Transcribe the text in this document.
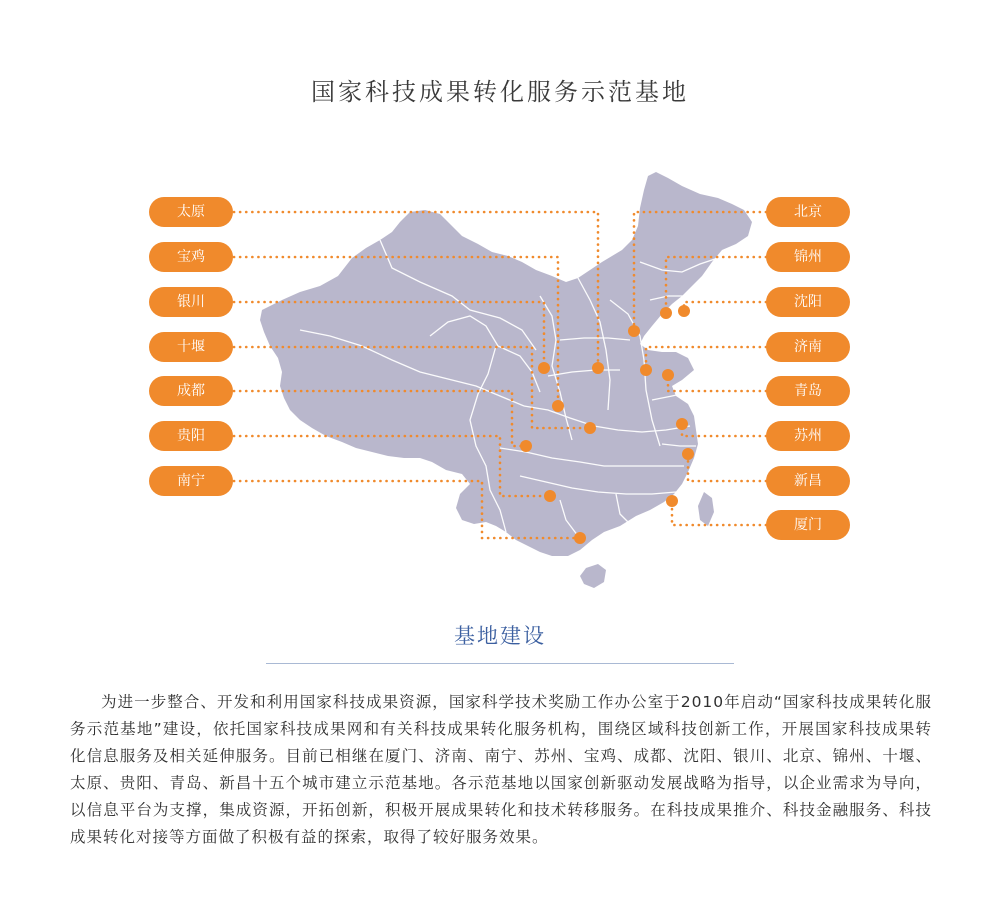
国家科技成果转化服务示范基地
太原
宝鸡
银川
十堰
成都
贵阳
南宁
北京
锦州
沈阳
济南
青岛
苏州
新昌
厦门
基地建设

为进一步整合、开发和利用国家科技成果资源，国家科学技术奖励工作办公室于2010年启动“国家科技成果转化服务示范基地”建设，依托国家科技成果网和有关科技成果转化服务机构，围绕区域科技创新工作，开展国家科技成果转化信息服务及相关延伸服务。目前已相继在厦门、济南、南宁、苏州、宝鸡、成都、沈阳、银川、北京、锦州、十堰、太原、贵阳、青岛、新昌十五个城市建立示范基地。各示范基地以国家创新驱动发展战略为指导，以企业需求为导向，以信息平台为支撑，集成资源，开拓创新，积极开展成果转化和技术转移服务。在科技成果推介、科技金融服务、科技成果转化对接等方面做了积极有益的探索，取得了较好服务效果。
